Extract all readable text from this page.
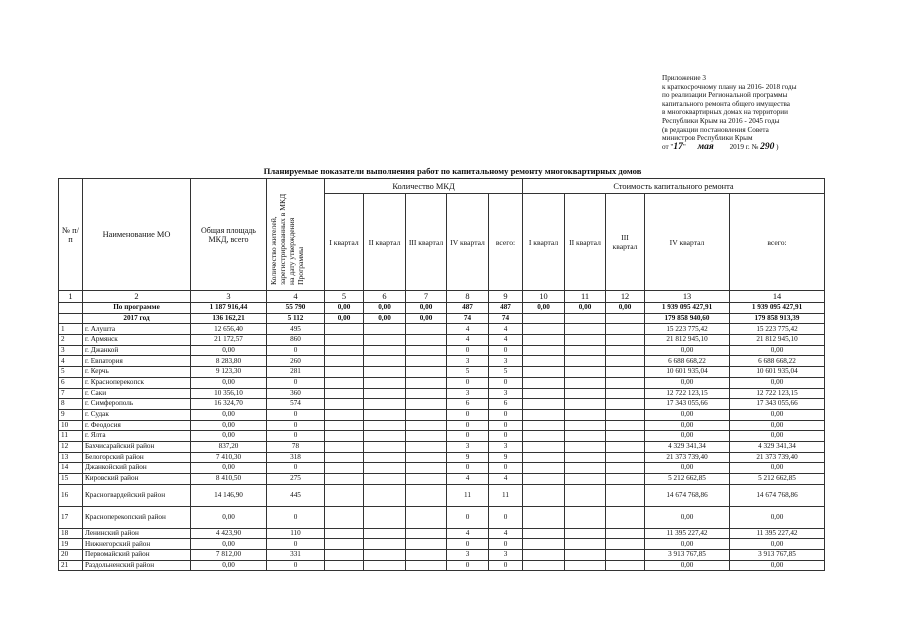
Приложение 3
к краткосрочному плану на 2016- 2018 годы
по реализации Региональной программы
капитального ремонта общего имущества
в многоквартирных домах на территории
Республики Крым на 2016 - 2045 годы
(в редакции постановления Совета
министров Республики Крым
от "17" мая 2019 г. № 290 )
Планируемые показатели выполнения работ по капитальному ремонту многоквартирных домов
№ п/п	Наименование МО	Общая площадь МКД, всего	Количество жителей, зарегистрированных в МКД на дату утверждения Программы	Количество МКД					Стоимость капитального ремонта				
				I квартал	II квартал	III квартал	IV квартал	всего:	I квартал	II квартал	III квартал	IV квартал	всего:
1	2	3	4	5	6	7	8	9	10	11	12	13	14
	По программе	1 187 916,44	55 790	0,00	0,00	0,00	487	487	0,00	0,00	0,00	1 939 095 427,91	1 939 095 427,91
	2017 год	136 162,21	5 112	0,00	0,00	0,00	74	74				179 858 940,60	179 858 913,39
1	г. Алушта	12 656,40	495				4	4				15 223 775,42	15 223 775,42
2	г. Армянск	21 172,57	860				4	4				21 812 945,10	21 812 945,10
3	г. Джанкой	0,00	0				0	0				0,00	0,00
4	г. Евпатория	8 283,80	260				3	3				6 688 668,22	6 688 668,22
5	г. Керчь	9 123,30	281				5	5				10 601 935,04	10 601 935,04
6	г. Красноперекопск	0,00	0				0	0				0,00	0,00
7	г. Саки	10 356,10	360				3	3				12 722 123,15	12 722 123,15
8	г. Симферополь	16 324,70	574				6	6				17 343 055,66	17 343 055,66
9	г. Судак	0,00	0				0	0				0,00	0,00
10	г. Феодосия	0,00	0				0	0				0,00	0,00
11	г. Ялта	0,00	0				0	0				0,00	0,00
12	Бахчисарайский район	837,20	78				3	3				4 329 341,34	4 329 341,34
13	Белогорский район	7 410,30	318				9	9				21 373 739,40	21 373 739,40
14	Джанкойский район	0,00	0				0	0				0,00	0,00
15	Кировский район	8 410,50	275				4	4				5 212 662,85	5 212 662,85
16	Красногвардейский район	14 146,90	445				11	11				14 674 768,86	14 674 768,86
17	Красноперекопский район	0,00	0				0	0				0,00	0,00
18	Ленинский район	4 423,90	110				4	4				11 395 227,42	11 395 227,42
19	Нижнегорский район	0,00	0				0	0				0,00	0,00
20	Первомайский район	7 812,00	331				3	3				3 913 767,85	3 913 767,85
21	Раздольненский район	0,00	0				0	0				0,00	0,00
